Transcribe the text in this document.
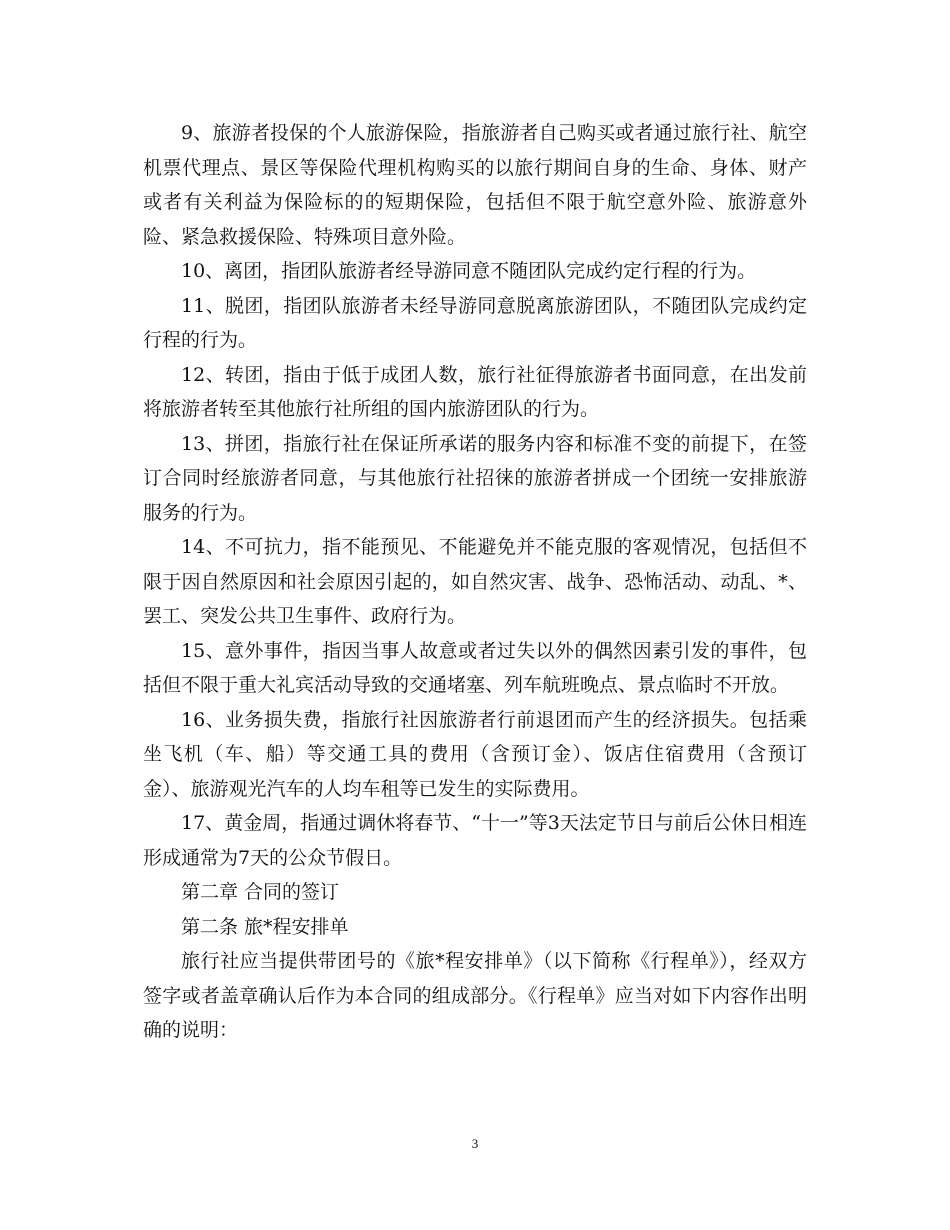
9、旅游者投保的个人旅游保险，指旅游者自己购买或者通过旅行社、航空机票代理点、景区等保险代理机构购买的以旅行期间自身的生命、身体、财产或者有关利益为保险标的的短期保险，包括但不限于航空意外险、旅游意外险、紧急救援保险、特殊项目意外险。

10、离团，指团队旅游者经导游同意不随团队完成约定行程的行为。

11、脱团，指团队旅游者未经导游同意脱离旅游团队，不随团队完成约定行程的行为。

12、转团，指由于低于成团人数，旅行社征得旅游者书面同意，在出发前将旅游者转至其他旅行社所组的国内旅游团队的行为。

13、拼团，指旅行社在保证所承诺的服务内容和标准不变的前提下，在签订合同时经旅游者同意，与其他旅行社招徕的旅游者拼成一个团统一安排旅游服务的行为。

14、不可抗力，指不能预见、不能避免并不能克服的客观情况，包括但不限于因自然原因和社会原因引起的，如自然灾害、战争、恐怖活动、动乱、*、罢工、突发公共卫生事件、政府行为。

15、意外事件，指因当事人故意或者过失以外的偶然因素引发的事件，包括但不限于重大礼宾活动导致的交通堵塞、列车航班晚点、景点临时不开放。

16、业务损失费，指旅行社因旅游者行前退团而产生的经济损失。包括乘坐飞机（车、船）等交通工具的费用（含预订金）、饭店住宿费用（含预订金）、旅游观光汽车的人均车租等已发生的实际费用。

17、黄金周，指通过调休将春节、“十一”等3天法定节日与前后公休日相连形成通常为7天的公众节假日。

第二章 合同的签订

第二条 旅*程安排单

旅行社应当提供带团号的《旅*程安排单》（以下简称《行程单》），经双方签字或者盖章确认后作为本合同的组成部分。《行程单》应当对如下内容作出明确的说明：

3
